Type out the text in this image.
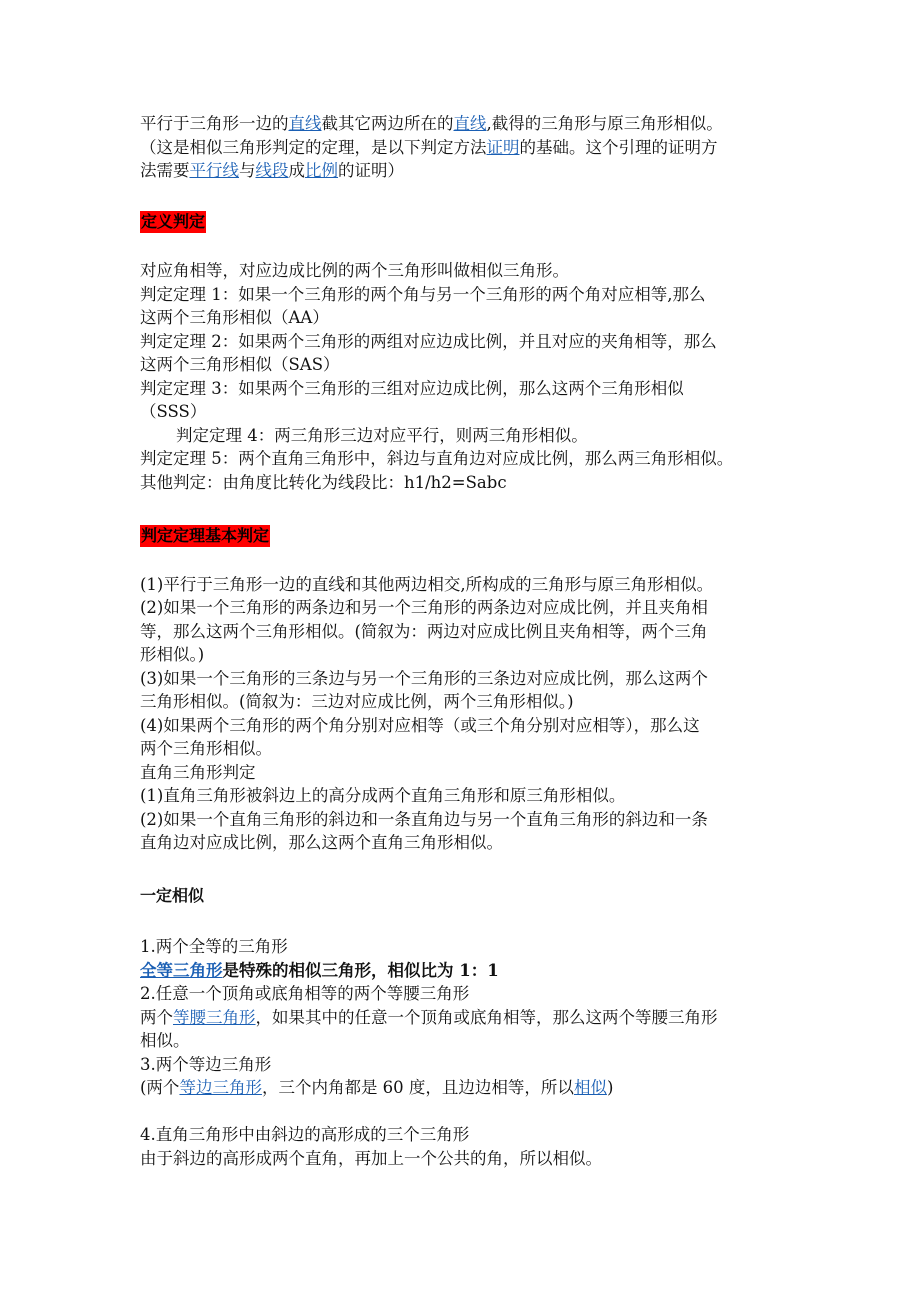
平行于三角形一边的直线截其它两边所在的直线,截得的三角形与原三角形相似。

（这是相似三角形判定的定理，是以下判定方法证明的基础。这个引理的证明方

法需要平行线与线段成比例的证明）

定义判定

对应角相等，对应边成比例的两个三角形叫做相似三角形。

判定定理 1：如果一个三角形的两个角与另一个三角形的两个角对应相等,那么

这两个三角形相似（AA）

判定定理 2：如果两个三角形的两组对应边成比例，并且对应的夹角相等，那么

这两个三角形相似（SAS）

判定定理 3：如果两个三角形的三组对应边成比例，那么这两个三角形相似

（SSS）

判定定理 4：两三角形三边对应平行，则两三角形相似。

判定定理 5：两个直角三角形中，斜边与直角边对应成比例，那么两三角形相似。

其他判定：由角度比转化为线段比：h1/h2=Sabc

判定定理基本判定

(1)平行于三角形一边的直线和其他两边相交,所构成的三角形与原三角形相似。

(2)如果一个三角形的两条边和另一个三角形的两条边对应成比例，并且夹角相

等，那么这两个三角形相似。(简叙为：两边对应成比例且夹角相等，两个三角

形相似。)

(3)如果一个三角形的三条边与另一个三角形的三条边对应成比例，那么这两个

三角形相似。(简叙为：三边对应成比例，两个三角形相似。)

(4)如果两个三角形的两个角分别对应相等（或三个角分别对应相等），那么这

两个三角形相似。

直角三角形判定

(1)直角三角形被斜边上的高分成两个直角三角形和原三角形相似。

(2)如果一个直角三角形的斜边和一条直角边与另一个直角三角形的斜边和一条

直角边对应成比例，那么这两个直角三角形相似。

一定相似

1.两个全等的三角形

全等三角形是特殊的相似三角形，相似比为 1：1

2.任意一个顶角或底角相等的两个等腰三角形

两个等腰三角形，如果其中的任意一个顶角或底角相等，那么这两个等腰三角形

相似。

3.两个等边三角形

(两个等边三角形，三个内角都是 60 度，且边边相等，所以相似)

4.直角三角形中由斜边的高形成的三个三角形

由于斜边的高形成两个直角，再加上一个公共的角，所以相似。
